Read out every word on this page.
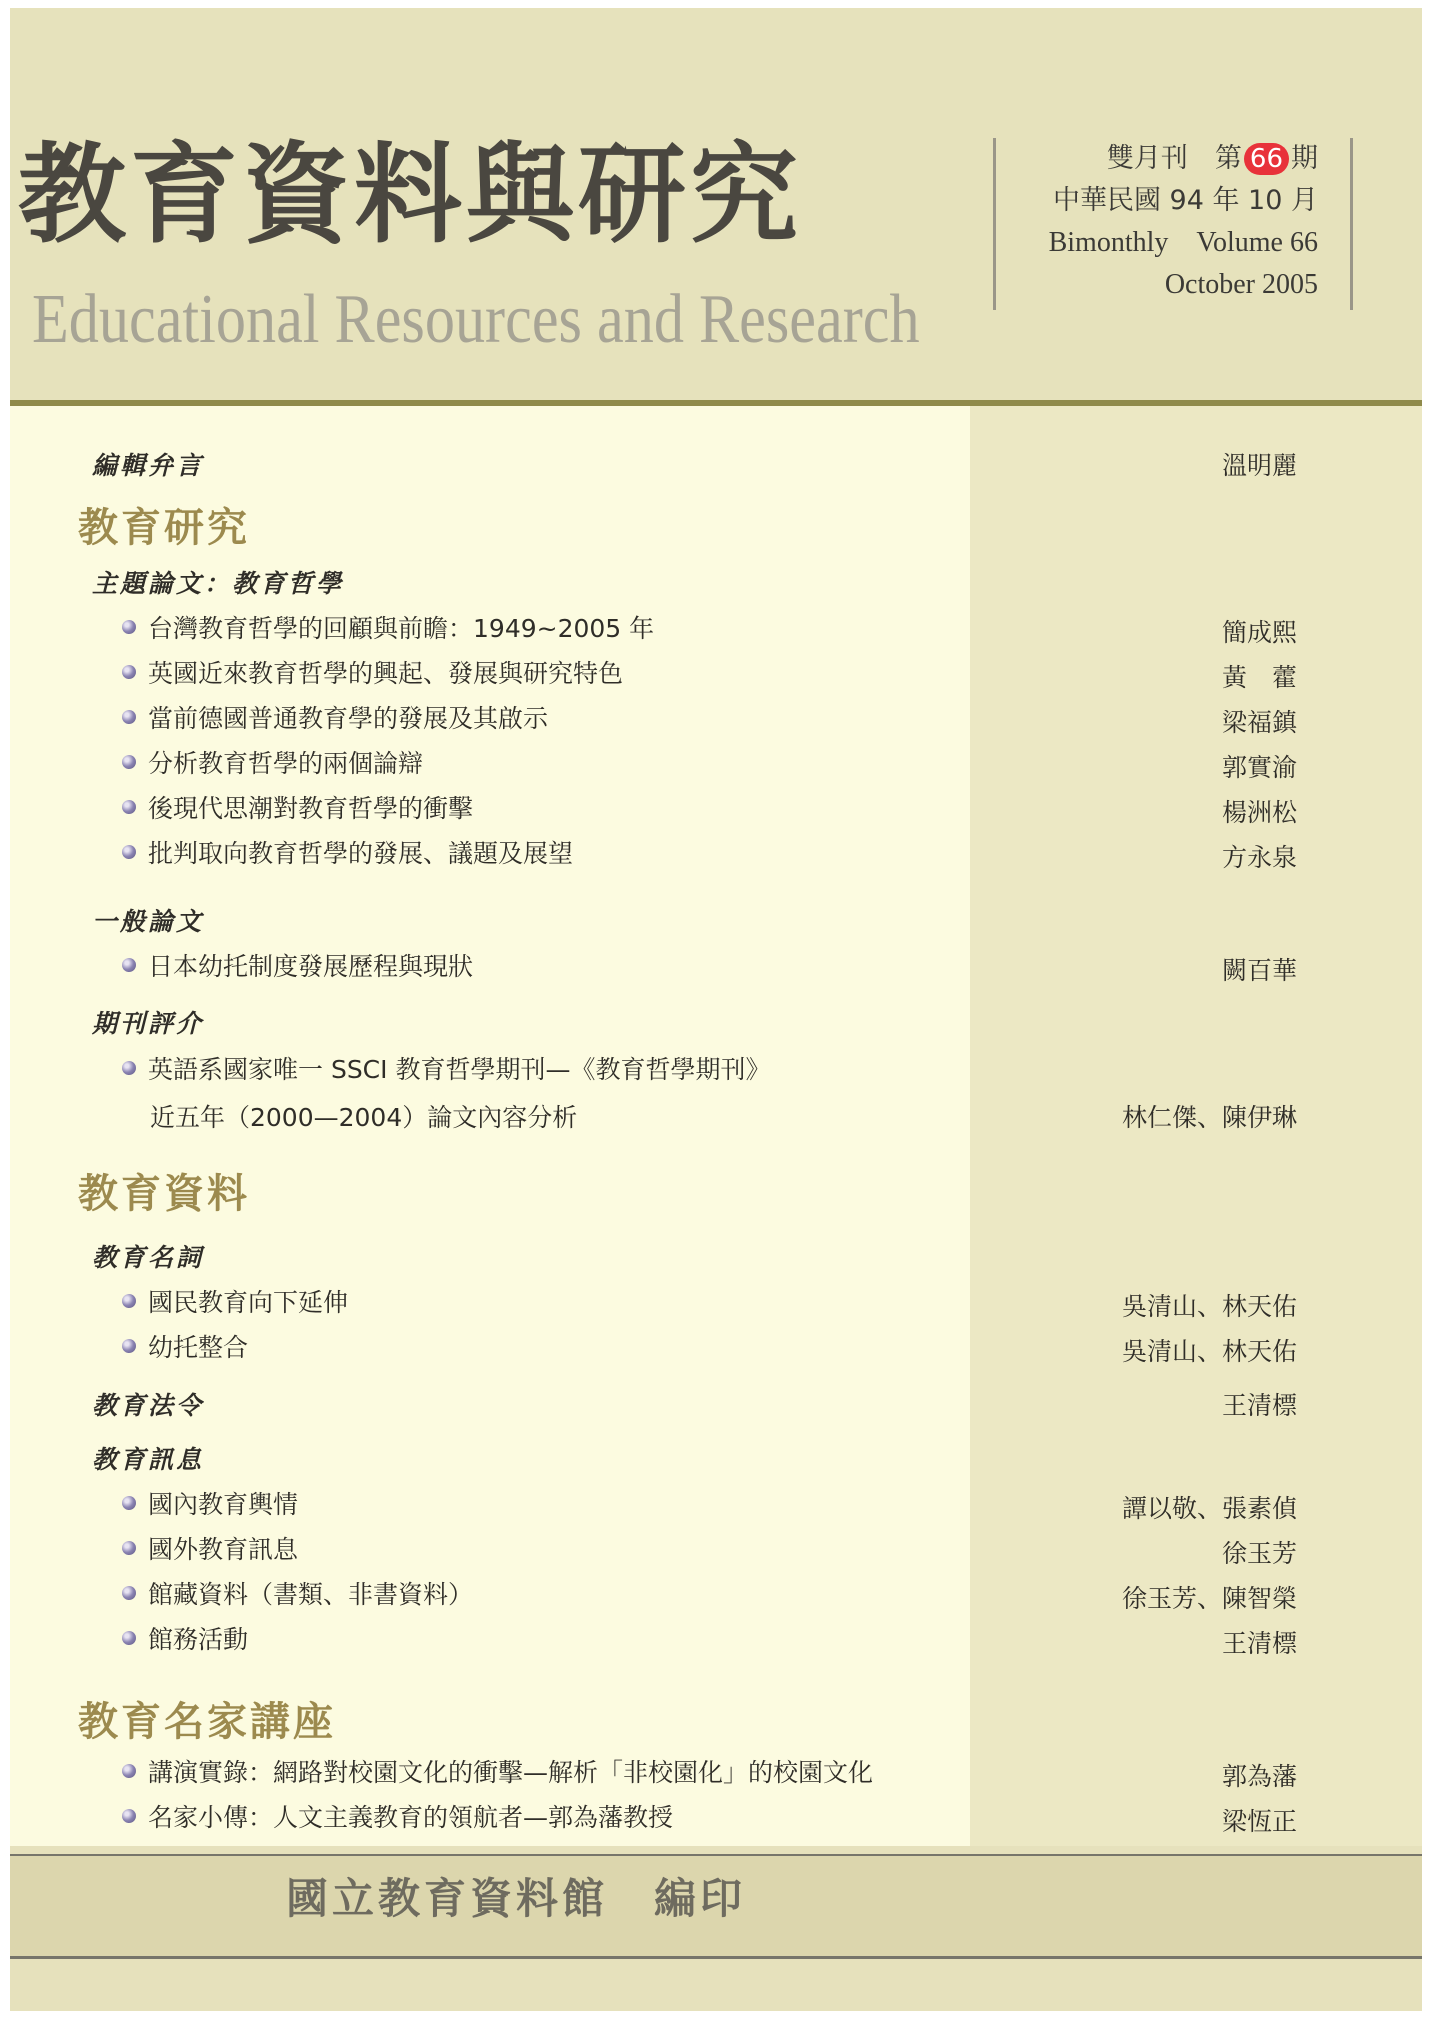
教育資料與研究
Educational Resources and Research
雙月刊　 第 66 期
中華民國 94 年 10 月
Bimonthly Volume 66
October 2005
編輯弁言	溫明麗
教育研究
主題論文：教育哲學
台灣教育哲學的回顧與前瞻：1949~2005 年	簡成熙
英國近來教育哲學的興起、發展與研究特色	黃　藿
當前德國普通教育學的發展及其啟示	梁福鎮
分析教育哲學的兩個論辯	郭實渝
後現代思潮對教育哲學的衝擊	楊洲松
批判取向教育哲學的發展、議題及展望	方永泉
一般論文
日本幼托制度發展歷程與現狀	闕百華
期刊評介
英語系國家唯一 SSCI 教育哲學期刊—《教育哲學期刊》
近五年（2000—2004）論文內容分析	林仁傑、陳伊琳
教育資料
教育名詞
國民教育向下延伸	吳清山、林天佑
幼托整合	吳清山、林天佑
教育法令	王清標
教育訊息
國內教育輿情	譚以敬、張素偵
國外教育訊息	徐玉芳
館藏資料（書類、非書資料）	徐玉芳、陳智榮
館務活動	王清標
教育名家講座
講演實錄：網路對校園文化的衝擊—解析「非校園化」的校園文化	郭為藩
名家小傳：人文主義教育的領航者—郭為藩教授	梁恆正
國立教育資料館　編印
